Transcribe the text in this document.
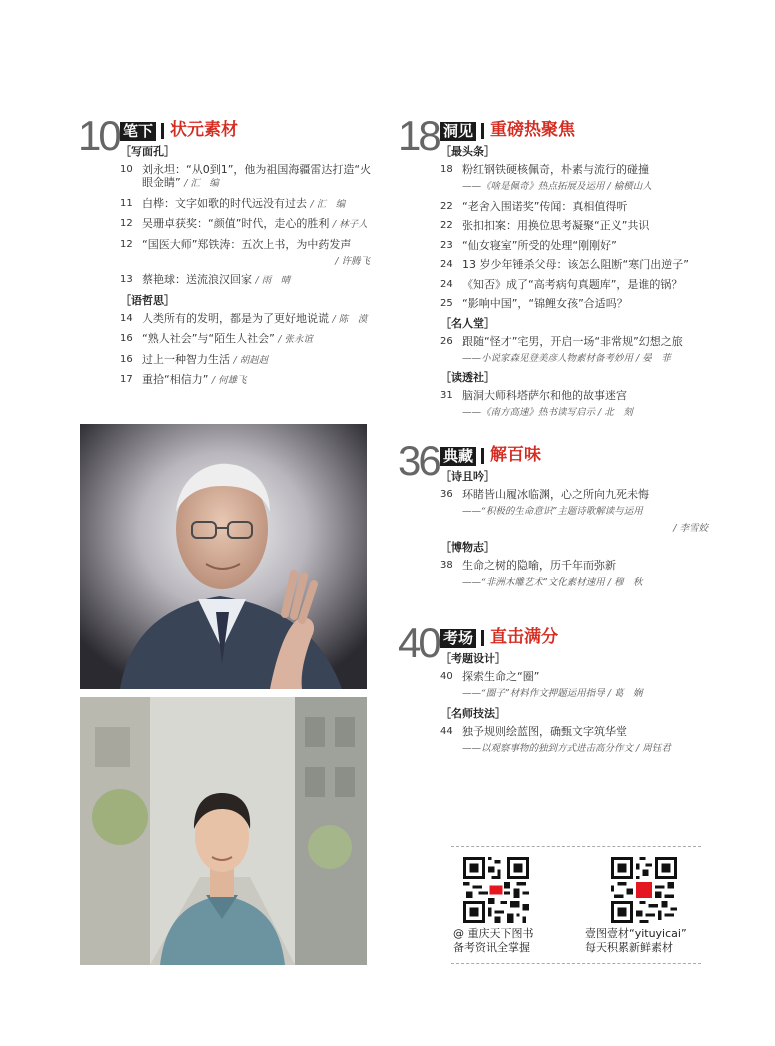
10 笔下 状元素材
［写面孔］
10 刘永坦：“从0到1”，他为祖国海疆雷达打造“火
眼金睛” / 汇　编
11 白桦：文字如歌的时代远没有过去 / 汇　编
12 吴珊卓获奖：“颜值”时代，走心的胜利 / 林子人
12 “国医大师”郑铁涛：五次上书，为中药发声
/ 许腾飞
13 蔡艳球：送流浪汉回家 / 雨　晴
［语哲思］
14 人类所有的发明，都是为了更好地说谎 / 陈　漠
16 “熟人社会”与“陌生人社会” / 张永谊
16 过上一种智力生活 / 胡赳赳
17 重拾“相信力” / 何雄飞
18 洞见 重磅热聚焦
［最头条］
18 粉红钢铁硬核佩奇，朴素与流行的碰撞
——《啥是佩奇》热点拓展及运用 / 榆槚山人
22 “老舍入围诺奖”传闻：真相值得听
22 张扣扣案：用换位思考凝聚“正义”共识
23 “仙女寝室”所受的处理“刚刚好”
24 13 岁少年锤杀父母：该怎么阻断“寒门出逆子”
24 《知否》成了“高考病句真题库”，是谁的锅？
25 “影响中国”，“锦鲤女孩”合适吗？
［名人堂］
26 跟随“怪才”宅男，开启一场“非常规”幻想之旅
——小说家森见登美彦人物素材备考妙用 / 晏　菲
［读透社］
31 脑洞大师科塔萨尔和他的故事迷宫
——《南方高速》热书读写启示 / 北　刻
36 典藏 解百味
［诗且吟］
36 环睹皆山履冰临渊，心之所向九死未悔
——“积极的生命意识”主题诗歌解读与运用
/ 李雪姣
［博物志］
38 生命之树的隐喻，历千年而弥新
——“非洲木雕艺术”文化素材速用 / 穆　秋
40 考场 直击满分
［考题设计］
40 探索生命之“圈”
——“圈子”材料作文押题运用指导 / 葛　娴
［名师技法］
44 独予规则绘蓝图，确甄文字筑华堂
——以观察事物的独到方式进击高分作文 / 周钰君
@ 重庆天下图书
备考资讯全掌握
壹图壹材“yituyicai”
每天积累新鲜素材
